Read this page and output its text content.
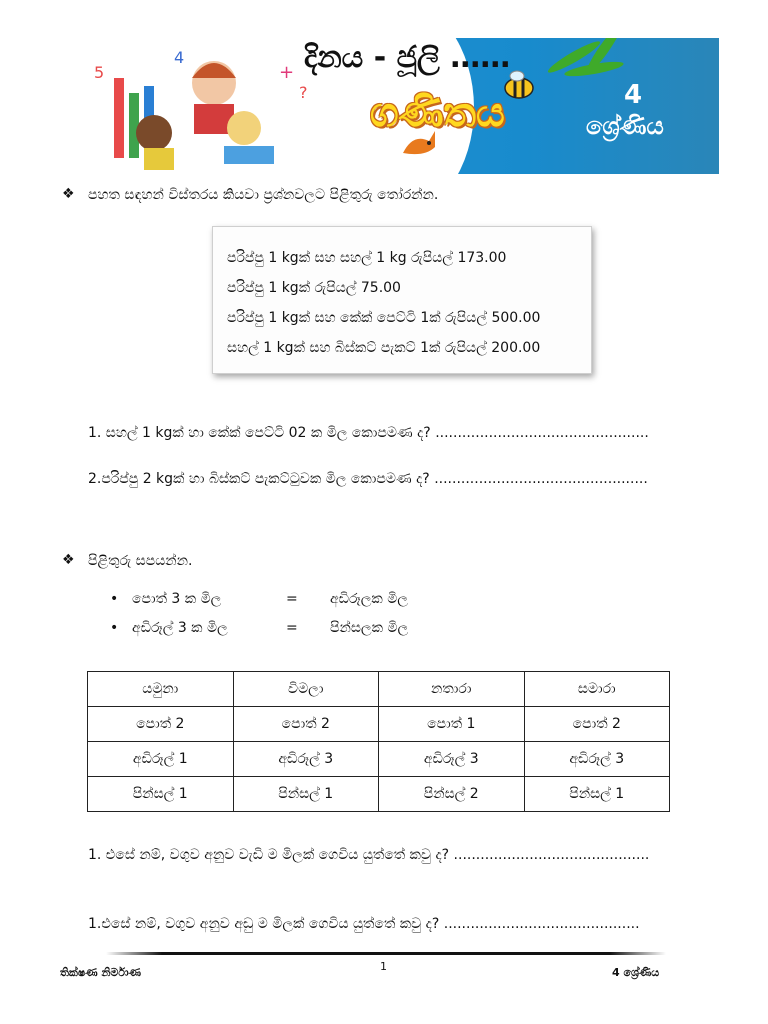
5
4
+
?
දිනය - ජූලි ……
ගණිතය	4
ශ්‍රේණිය
❖ පහත සඳහන් විස්තරය කියවා ප්‍රශ්නවලට පිළිතුරු තෝරන්න.
පරිප්පු 1 kgක් සහ සහල් 1 kg රුපියල් 173.00
පරිප්පු 1 kgක් රුපියල් 75.00
පරිප්පු 1 kgක් සහ කේක් පෙට්ටි 1ක් රුපියල් 500.00
සහල් 1 kgක් සහ බිස්කට් පැකට් 1ක් රුපියල් 200.00
1. සහල් 1 kgක් හා කේක් පෙට්ටි 02 ක මිල කොපමණ ද? ................................................
2.පරිප්පු 2 kgක් හා බිස්කට් පැකට්ටුවක මිල කොපමණ ද? ................................................
❖ පිළිතුරු සපයන්න.
• පොත් 3 ක මිල	= අඩිරූලක මිල
• අඩිරූල් 3 ක මිල	= පින්සලක මිල
යමුනා	විමලා	නතාරා	සමාරා
පොත් 2	පොත් 2	පොත් 1	පොත් 2
අඩිරූල් 1	අඩිරූල් 3	අඩිරූල් 3	අඩිරූල් 3
පින්සල් 1	පින්සල් 1	පින්සල් 2	පින්සල් 1
1. එසේ නම්, වගුව අනුව වැඩි ම මිලක් ගෙවිය යුත්තේ කවු ද? ............................................
1.එසේ නම්, වගුව අනුව අඩු ම මිලක් ගෙවිය යුත්තේ කවු ද? ............................................
1
තික්ෂණ නිර්මාණ	4 ශ්‍රේණිය
